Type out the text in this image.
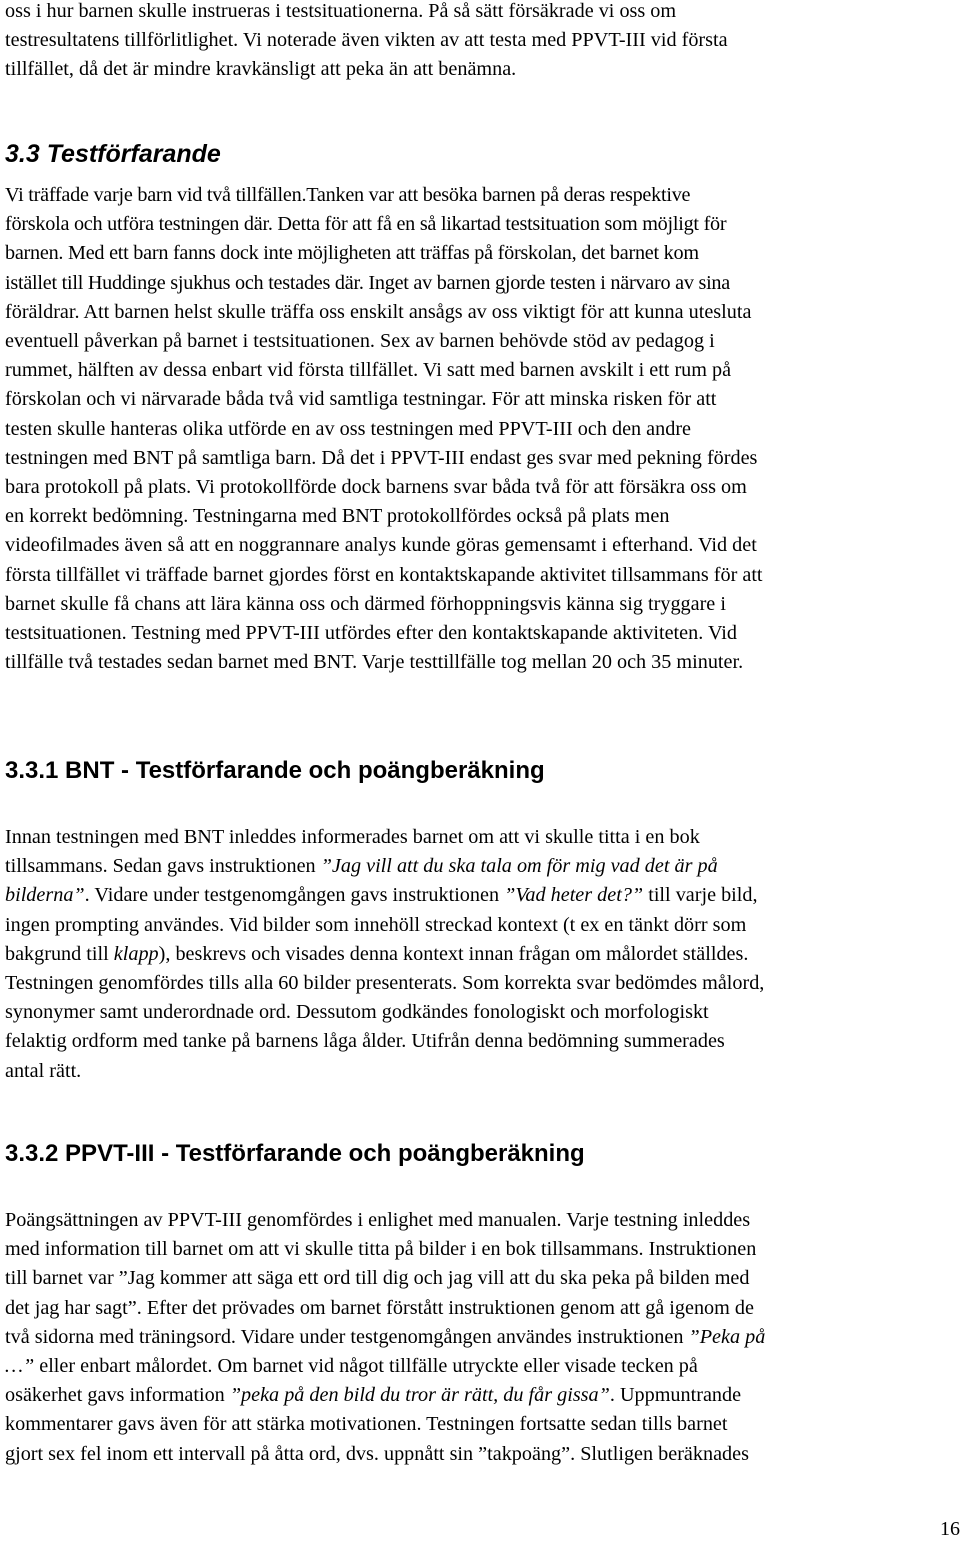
oss i hur barnen skulle instrueras i testsituationerna. På så sätt försäkrade vi oss om
testresultatens tillförlitlighet. Vi noterade även vikten av att testa med PPVT-III vid första
tillfället, då det är mindre kravkänsligt att peka än att benämna.
3.3 Testförfarande
Vi träffade varje barn vid två tillfällen.Tanken var att besöka barnen på deras respektive
förskola och utföra testningen där. Detta för att få en så likartad testsituation som möjligt för
barnen. Med ett barn fanns dock inte möjligheten att träffas på förskolan, det barnet kom
istället till Huddinge sjukhus och testades där. Inget av barnen gjorde testen i närvaro av sina
föräldrar. Att barnen helst skulle träffa oss enskilt ansågs av oss viktigt för att kunna utesluta
eventuell påverkan på barnet i testsituationen. Sex av barnen behövde stöd av pedagog i
rummet, hälften av dessa enbart vid första tillfället. Vi satt med barnen avskilt i ett rum på
förskolan och vi närvarade båda två vid samtliga testningar. För att minska risken för att
testen skulle hanteras olika utförde en av oss testningen med PPVT-III och den andre
testningen med BNT på samtliga barn. Då det i PPVT-III endast ges svar med pekning fördes
bara protokoll på plats. Vi protokollförde dock barnens svar båda två för att försäkra oss om
en korrekt bedömning. Testningarna med BNT protokollfördes också på plats men
videofilmades även så att en noggrannare analys kunde göras gemensamt i efterhand. Vid det
första tillfället vi träffade barnet gjordes först en kontaktskapande aktivitet tillsammans för att
barnet skulle få chans att lära känna oss och därmed förhoppningsvis känna sig tryggare i
testsituationen. Testning med PPVT-III utfördes efter den kontaktskapande aktiviteten. Vid
tillfälle två testades sedan barnet med BNT. Varje testtillfälle tog mellan 20 och 35 minuter.
3.3.1 BNT - Testförfarande och poängberäkning
Innan testningen med BNT inleddes informerades barnet om att vi skulle titta i en bok
tillsammans. Sedan gavs instruktionen ”Jag vill att du ska tala om för mig vad det är på
bilderna”. Vidare under testgenomgången gavs instruktionen ”Vad heter det?” till varje bild,
ingen prompting användes. Vid bilder som innehöll streckad kontext (t ex en tänkt dörr som
bakgrund till klapp), beskrevs och visades denna kontext innan frågan om målordet ställdes.
Testningen genomfördes tills alla 60 bilder presenterats. Som korrekta svar bedömdes målord,
synonymer samt underordnade ord. Dessutom godkändes fonologiskt och morfologiskt
felaktig ordform med tanke på barnens låga ålder. Utifrån denna bedömning summerades
antal rätt.
3.3.2 PPVT-III - Testförfarande och poängberäkning
Poängsättningen av PPVT-III genomfördes i enlighet med manualen. Varje testning inleddes
med information till barnet om att vi skulle titta på bilder i en bok tillsammans. Instruktionen
till barnet var ”Jag kommer att säga ett ord till dig och jag vill att du ska peka på bilden med
det jag har sagt”. Efter det prövades om barnet förstått instruktionen genom att gå igenom de
två sidorna med träningsord. Vidare under testgenomgången användes instruktionen ”Peka på
…” eller enbart målordet. Om barnet vid något tillfälle utryckte eller visade tecken på
osäkerhet gavs information ”peka på den bild du tror är rätt, du får gissa”. Uppmuntrande
kommentarer gavs även för att stärka motivationen. Testningen fortsatte sedan tills barnet
gjort sex fel inom ett intervall på åtta ord, dvs. uppnått sin ”takpoäng”. Slutligen beräknades

16
